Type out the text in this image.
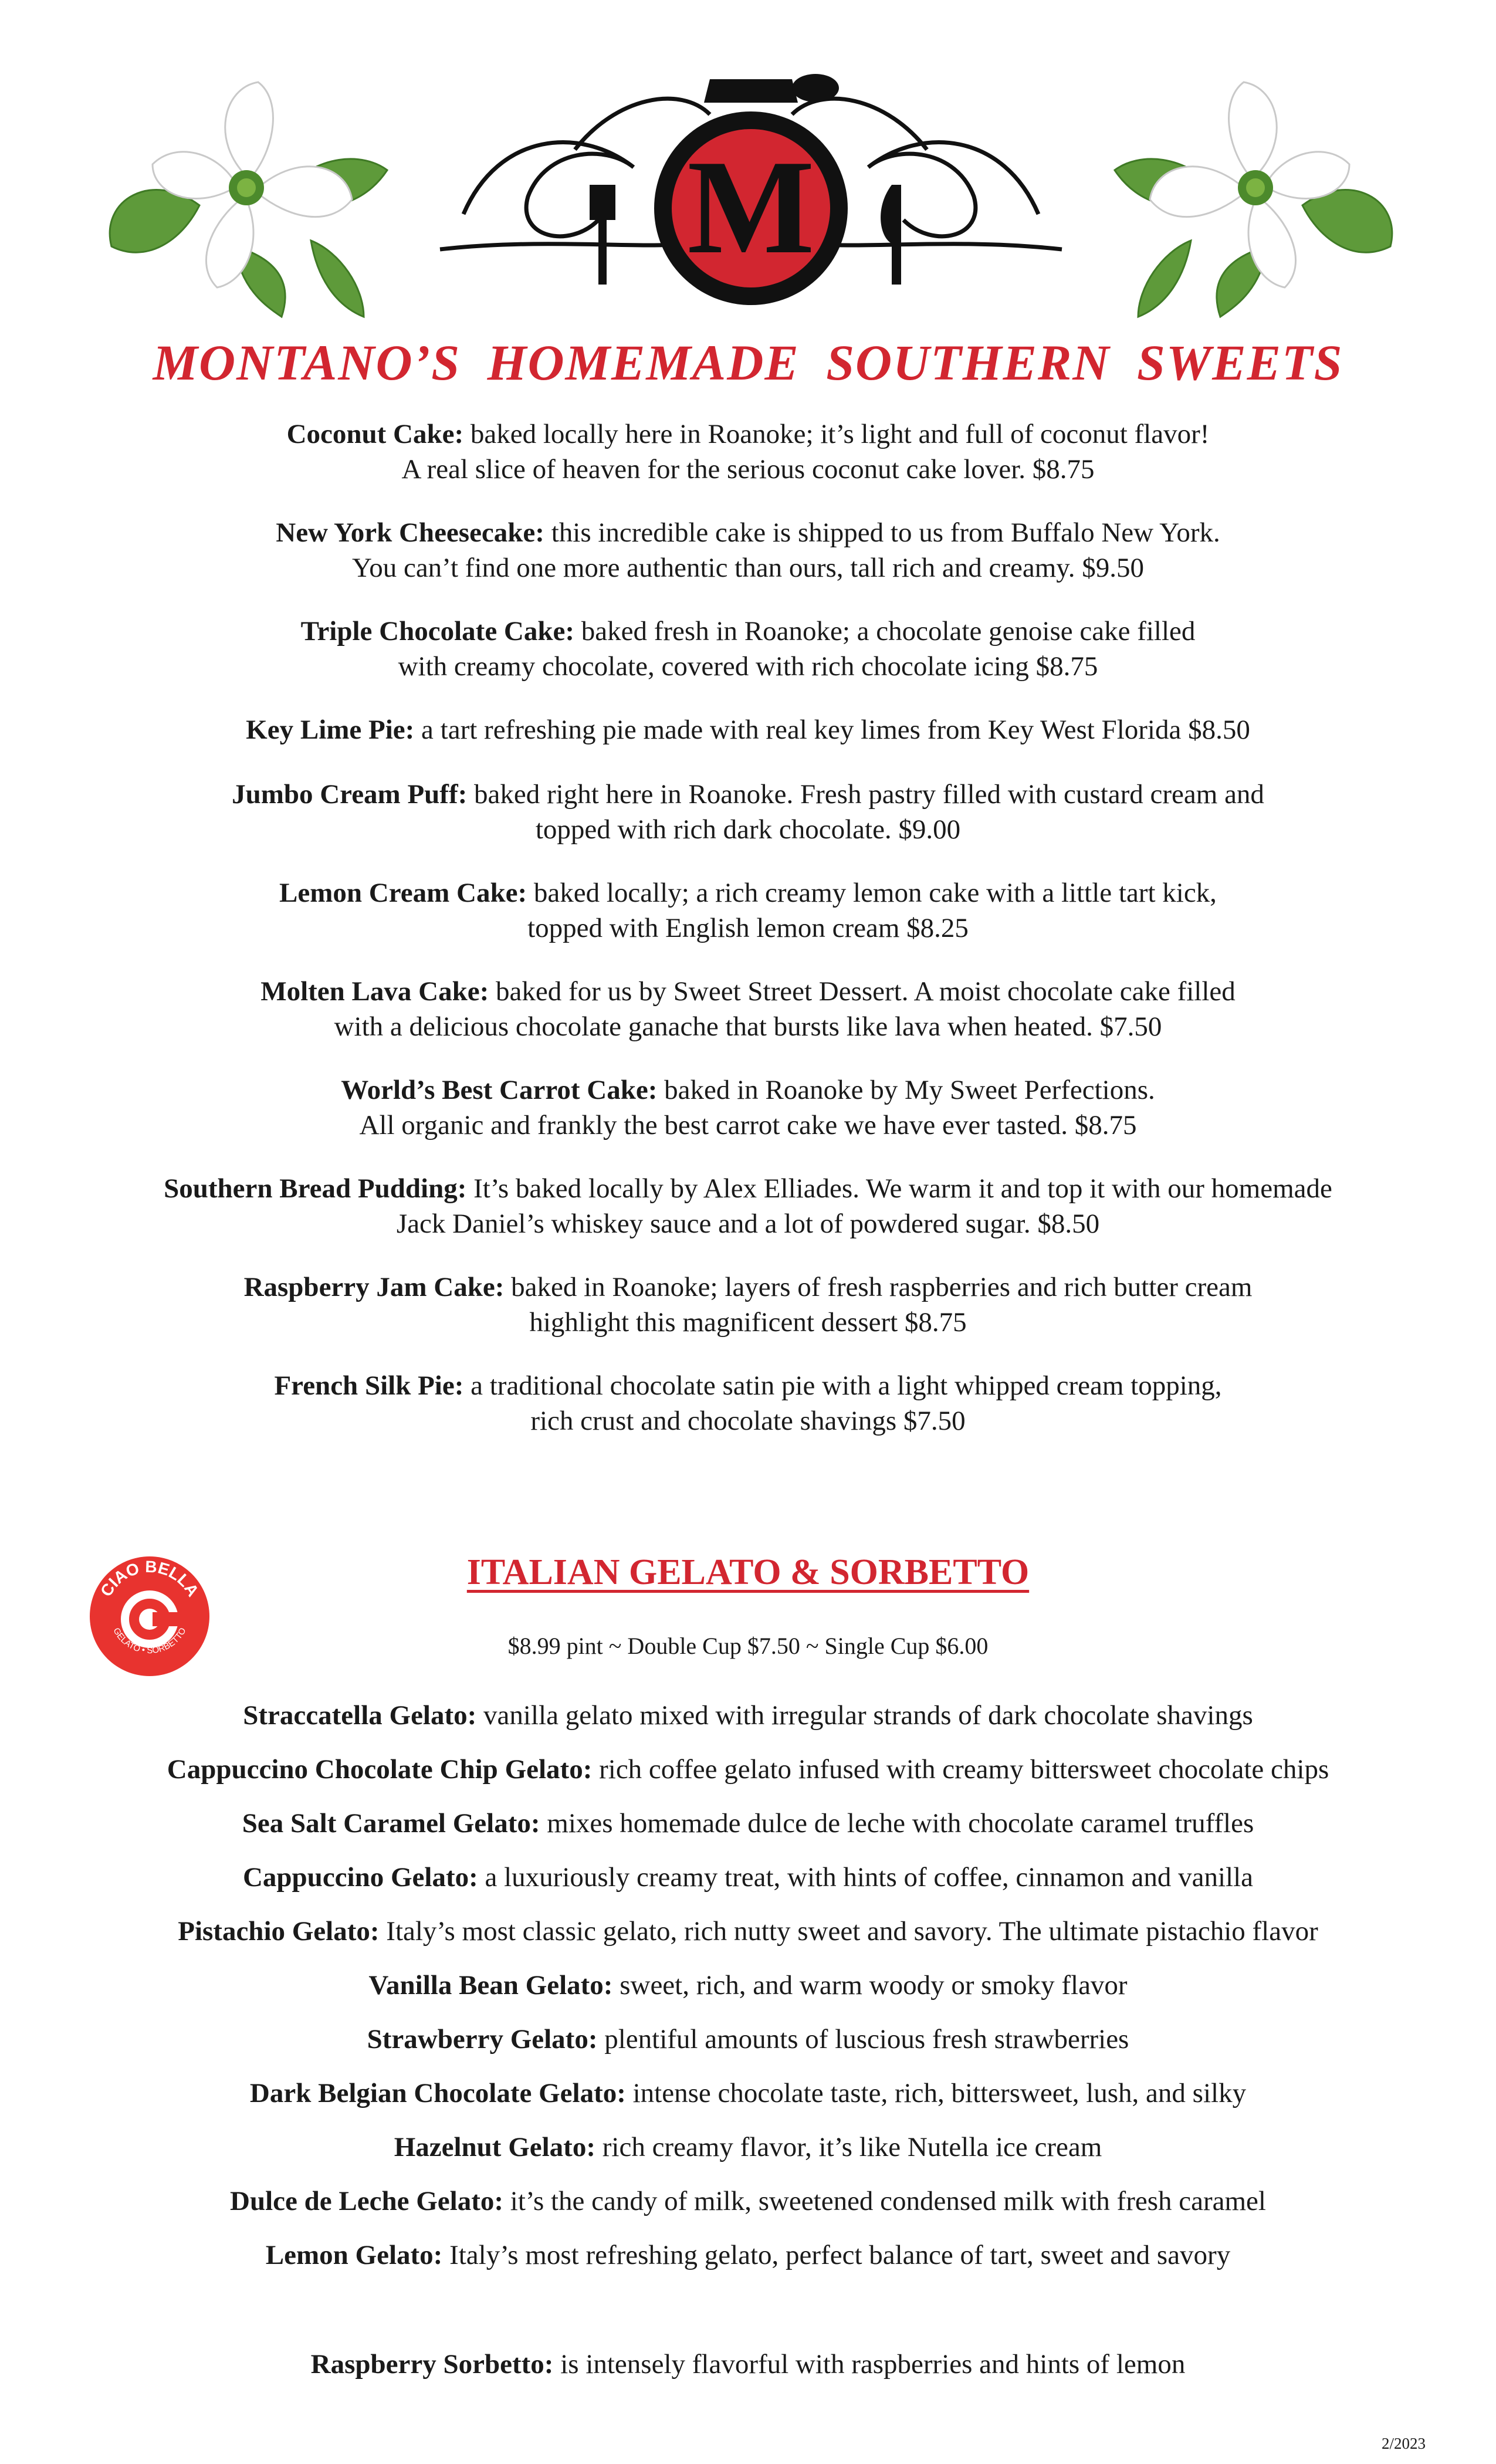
M
MONTANO’S HOMEMADE SOUTHERN SWEETS
Coconut Cake: baked locally here in Roanoke; it’s light and full of coconut flavor!
A real slice of heaven for the serious coconut cake lover. $8.75
New York Cheesecake: this incredible cake is shipped to us from Buffalo New York.
You can’t find one more authentic than ours, tall rich and creamy. $9.50
Triple Chocolate Cake: baked fresh in Roanoke; a chocolate genoise cake filled
with creamy chocolate, covered with rich chocolate icing $8.75
Key Lime Pie: a tart refreshing pie made with real key limes from Key West Florida $8.50
Jumbo Cream Puff: baked right here in Roanoke. Fresh pastry filled with custard cream and
topped with rich dark chocolate. $9.00
Lemon Cream Cake: baked locally; a rich creamy lemon cake with a little tart kick,
topped with English lemon cream $8.25
Molten Lava Cake: baked for us by Sweet Street Dessert. A moist chocolate cake filled
with a delicious chocolate ganache that bursts like lava when heated. $7.50
World’s Best Carrot Cake: baked in Roanoke by My Sweet Perfections.
All organic and frankly the best carrot cake we have ever tasted. $8.75
Southern Bread Pudding: It’s baked locally by Alex Elliades. We warm it and top it with our homemade
Jack Daniel’s whiskey sauce and a lot of powdered sugar. $8.50
Raspberry Jam Cake: baked in Roanoke; layers of fresh raspberries and rich butter cream
highlight this magnificent dessert $8.75
French Silk Pie: a traditional chocolate satin pie with a light whipped cream topping,
rich crust and chocolate shavings $7.50
CIAO BELLA
GELATO • SORBETTO
ITALIAN GELATO & SORBETTO
$8.99 pint ~ Double Cup $7.50 ~ Single Cup $6.00
Straccatella Gelato: vanilla gelato mixed with irregular strands of dark chocolate shavings
Cappuccino Chocolate Chip Gelato: rich coffee gelato infused with creamy bittersweet chocolate chips
Sea Salt Caramel Gelato: mixes homemade dulce de leche with chocolate caramel truffles
Cappuccino Gelato: a luxuriously creamy treat, with hints of coffee, cinnamon and vanilla
Pistachio Gelato: Italy’s most classic gelato, rich nutty sweet and savory. The ultimate pistachio flavor
Vanilla Bean Gelato: sweet, rich, and warm woody or smoky flavor
Strawberry Gelato: plentiful amounts of luscious fresh strawberries
Dark Belgian Chocolate Gelato: intense chocolate taste, rich, bittersweet, lush, and silky
Hazelnut Gelato: rich creamy flavor, it’s like Nutella ice cream
Dulce de Leche Gelato: it’s the candy of milk, sweetened condensed milk with fresh caramel
Lemon Gelato: Italy’s most refreshing gelato, perfect balance of tart, sweet and savory
Raspberry Sorbetto: is intensely flavorful with raspberries and hints of lemon
2/2023
